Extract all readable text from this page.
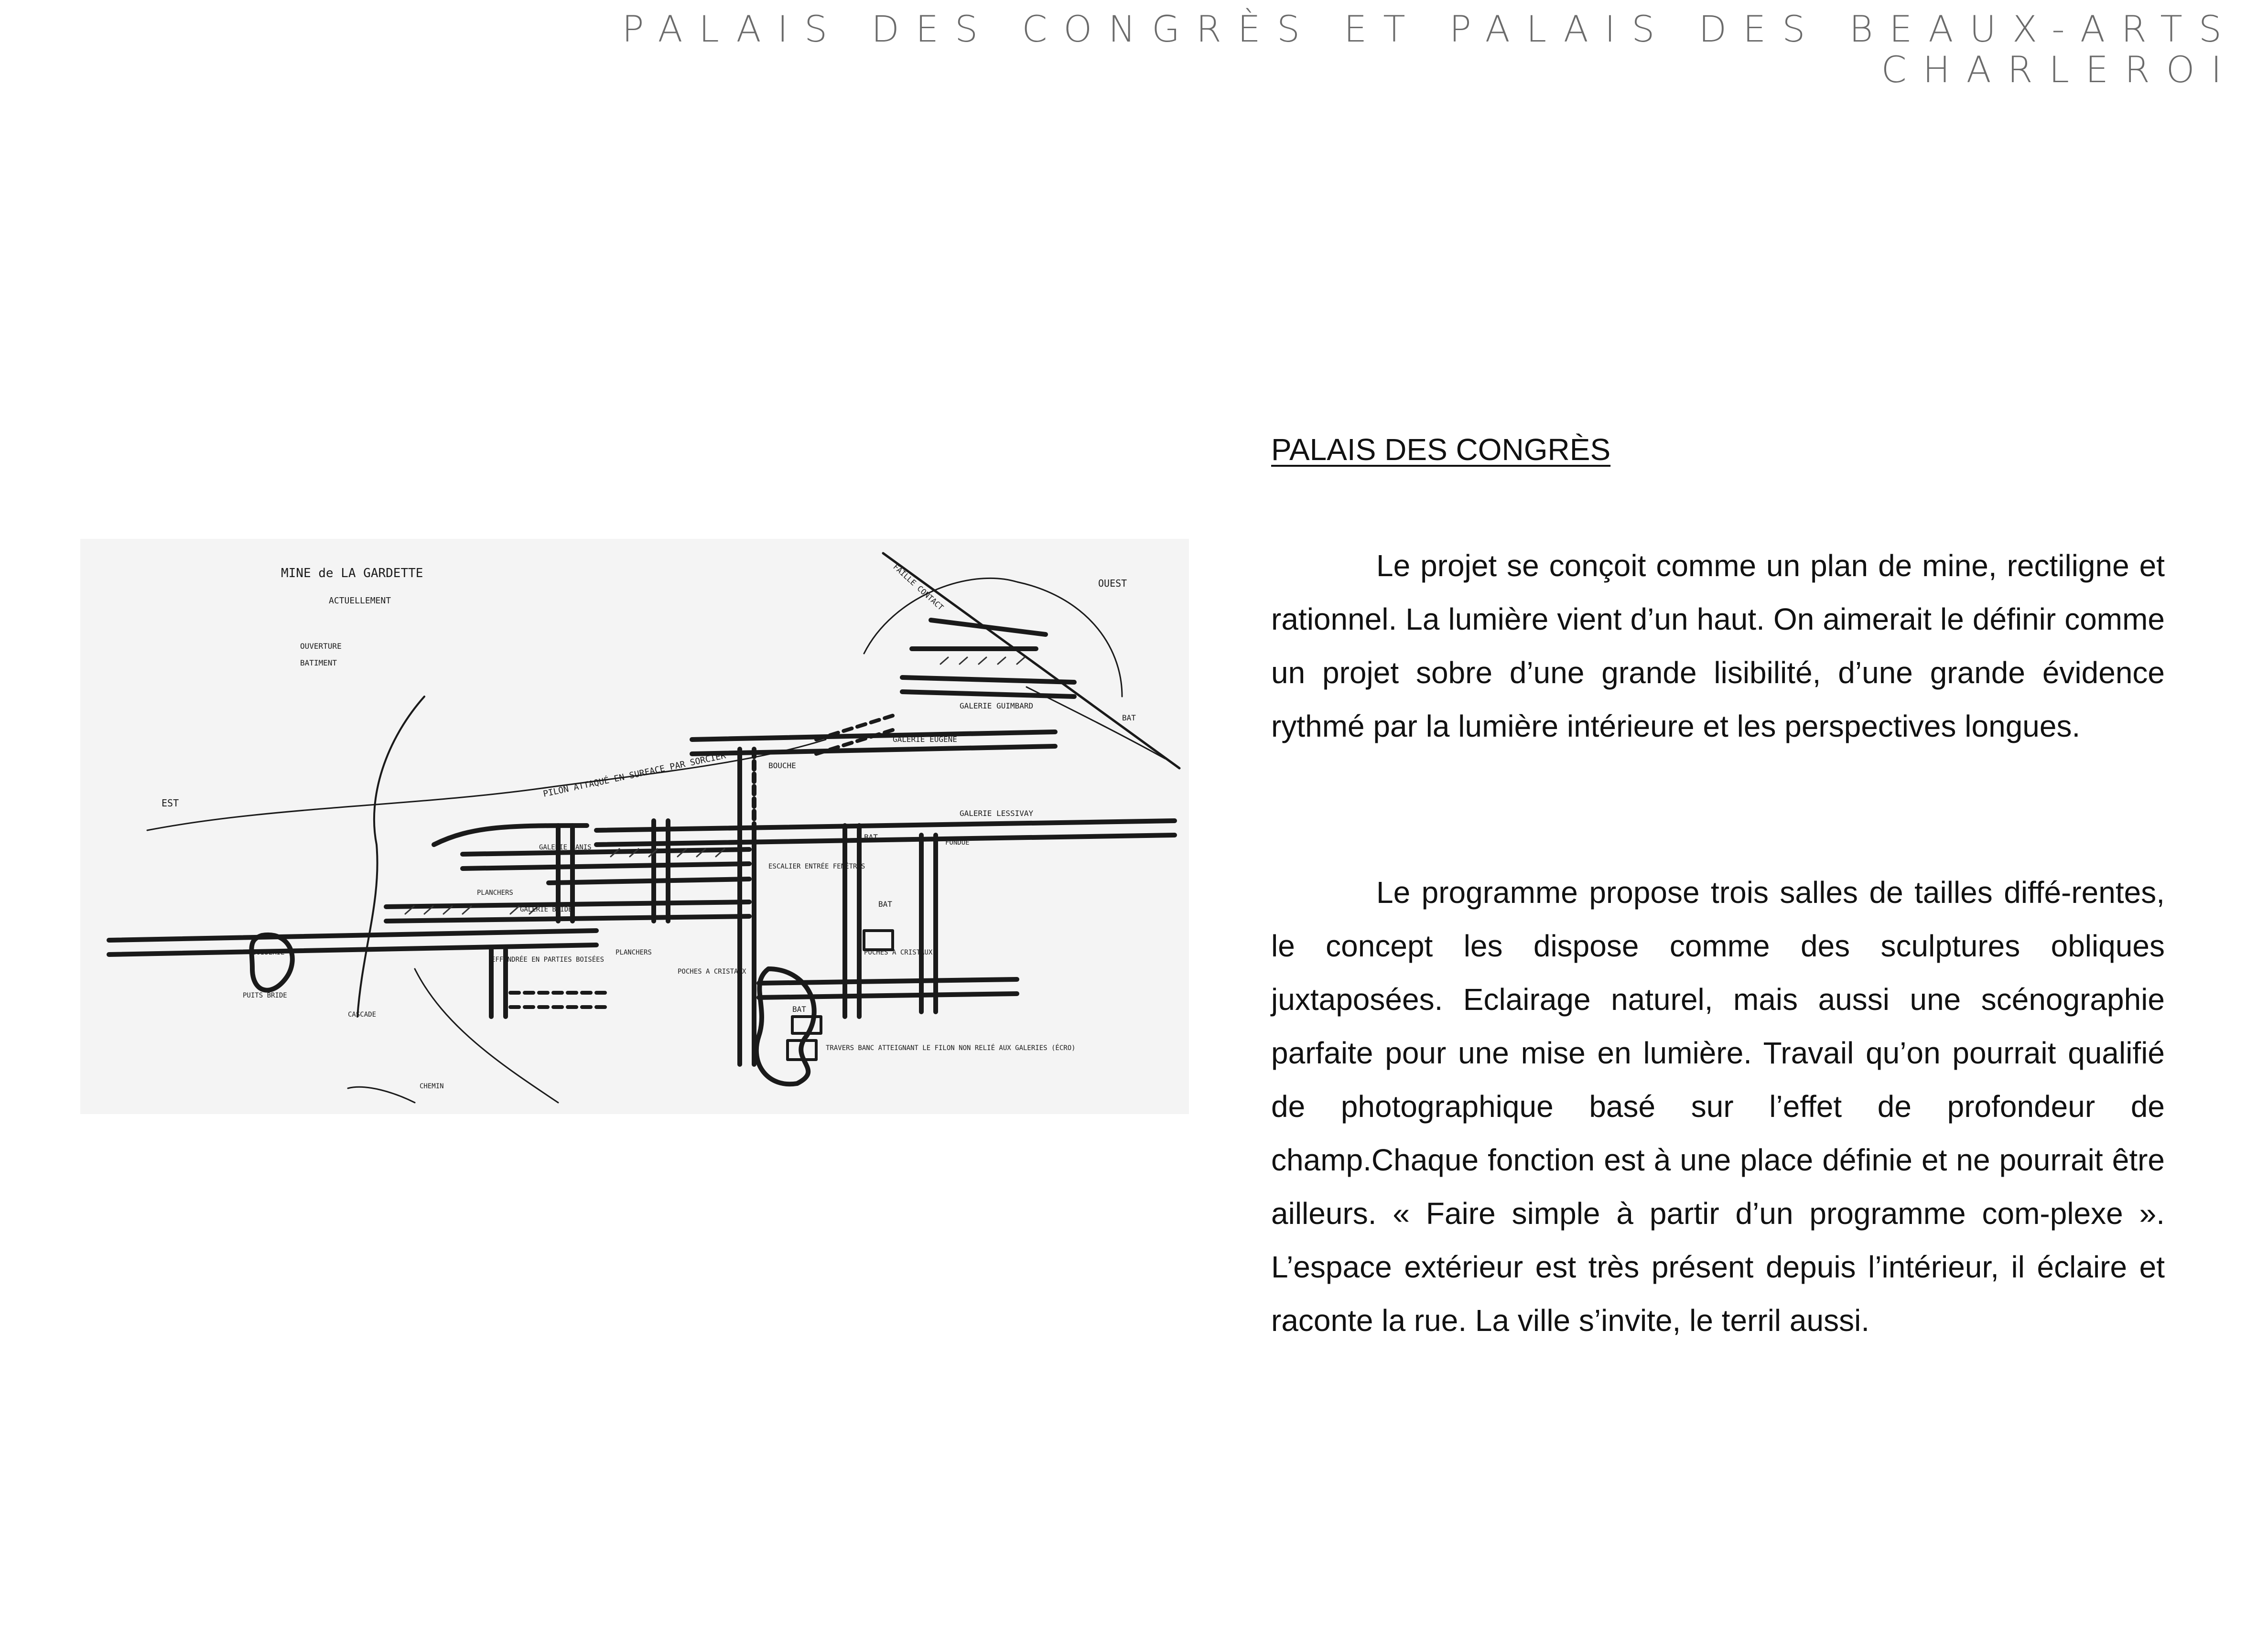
PALAIS DES CONGRÈS ET PALAIS DES BEAUX-ARTS
CHARLEROI
MINE de LA GARDETTE
ACTUELLEMENT
OUVERTURE
BATIMENT
OUEST
EST
FAILLE CONTACT
PILON ATTAQUÉ EN SURFACE PAR SORCIER	BOUCHE
GALERIE EUGÈNE
GALERIE GUIMBARD
GALERIE LESSIVAY
BAT
BAT
BAT
BAT
ESCALIER ENTRÉE FENÊTRES
GALERIE PANIS
GALERIE BRIDE
PLANCHERS
EFFONDRÉE EN PARTIES BOISÉES
BOISERIE
PUITS BRIDE
CASCADE
CHEMIN
PLANCHERS
POCHES A CRISTAUX
POCHES A CRISTAUX
TRAVERS BANC ATTEIGNANT LE FILON NON RELIÉ AUX GALERIES (ÉCRO)
FONDUE
PALAIS DES CONGRÈS

Le projet se conçoit comme un plan de mine, rectiligne et rationnel. La lumière vient d’un haut. On aimerait le définir comme un projet sobre d’une grande lisibilité, d’une grande évidence rythmé par la lumière intérieure et les perspectives longues.

Le programme propose trois salles de tailles diffé-rentes, le concept les dispose comme des sculptures obliques juxtaposées. Eclairage naturel, mais aussi une scénographie parfaite pour une mise en lumière. Travail qu’on pourrait qualifié de photographique basé sur l’effet de profondeur de champ.Chaque fonction est à une place définie et ne pourrait être ailleurs. « Faire simple à partir d’un programme com-plexe ». L’espace extérieur est très présent depuis l’intérieur, il éclaire et raconte la rue. La ville s’invite, le terril aussi.
